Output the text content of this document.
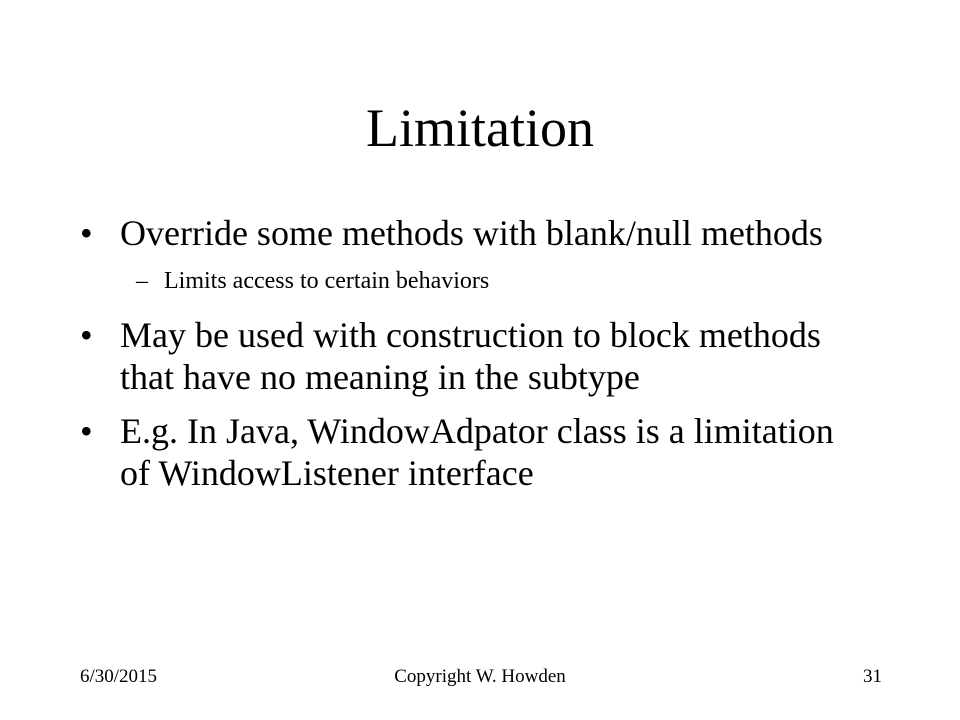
Limitation
• Override some methods with blank/null methods
– Limits access to certain behaviors
• May be used with construction to block methods that have no meaning in the subtype
• E.g. In Java, WindowAdpator class is a limitation of WindowListener interface
6/30/2015	Copyright W. Howden	31
